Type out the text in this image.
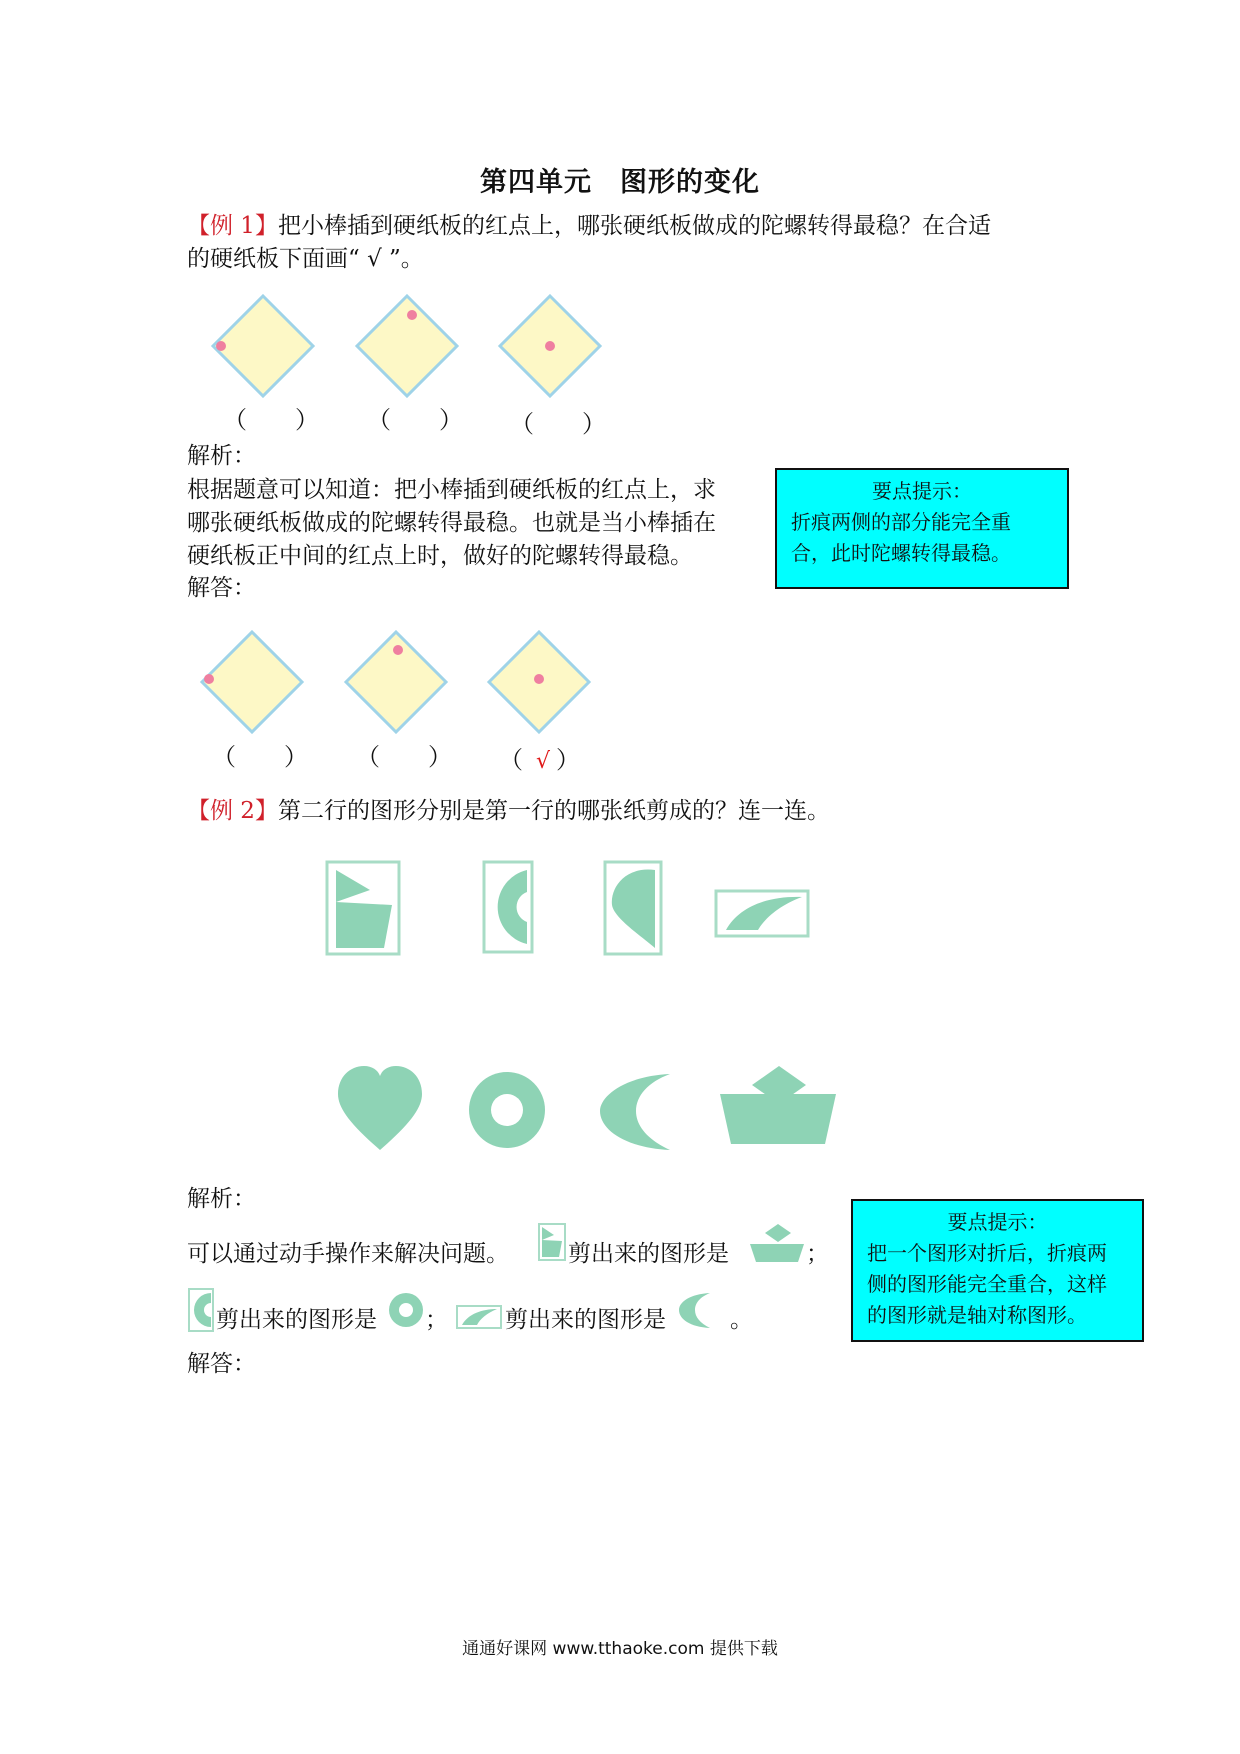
第四单元　图形的变化
【例 1】把小棒插到硬纸板的红点上，哪张硬纸板做成的陀螺转得最稳？在合适
的硬纸板下面画“ √ ”。
（　　） （　　） （　　）
解析：
根据题意可以知道：把小棒插到硬纸板的红点上，求
哪张硬纸板做成的陀螺转得最稳。也就是当小棒插在
硬纸板正中间的红点上时，做好的陀螺转得最稳。
解答：
要点提示：
折痕两侧的部分能完全重
合，此时陀螺转得最稳。
（　　） （　　） （ √ ）
【例 2】第二行的图形分别是第一行的哪张纸剪成的？连一连。
解析：
可以通过动手操作来解决问题。	剪出来的图形是	；
剪出来的图形是 ； 剪出来的图形是	。
解答：
要点提示：
把一个图形对折后，折痕两
侧的图形能完全重合，这样
的图形就是轴对称图形。
通通好课网 www.tthaoke.com 提供下载
